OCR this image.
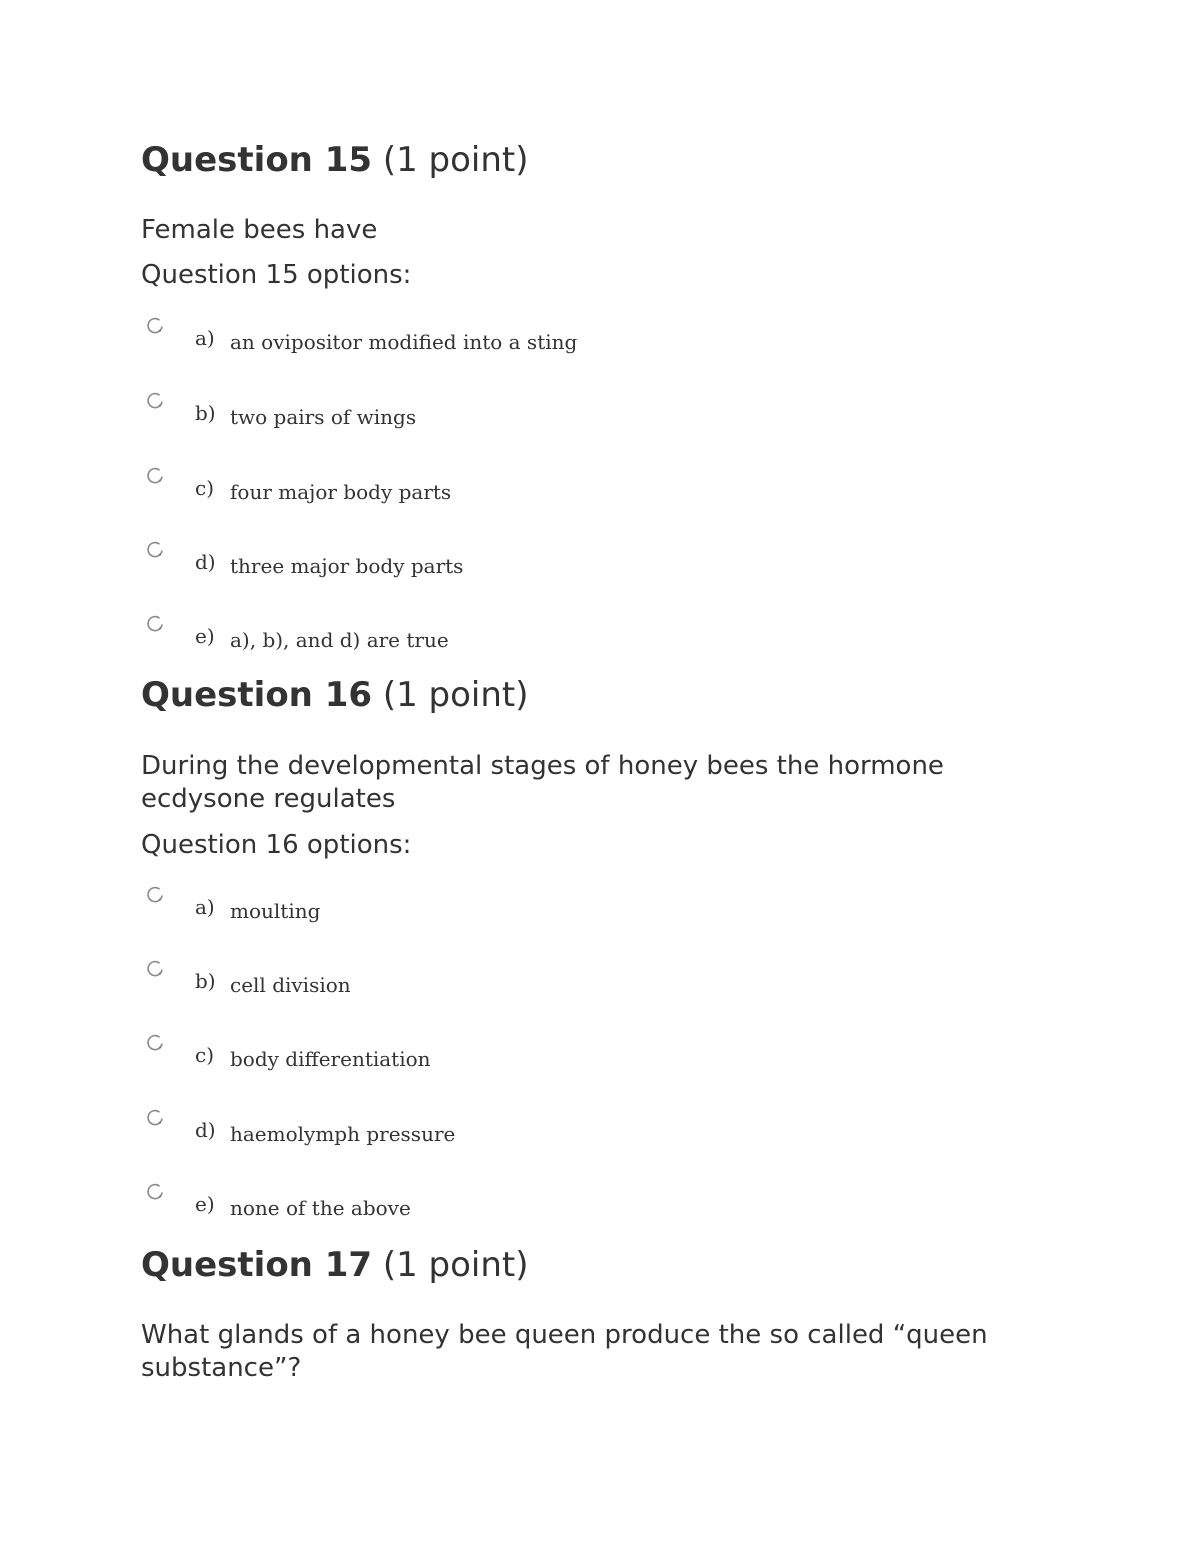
Question 15 (1 point)

Female bees have

Question 15 options:

a) an ovipositor modified into a sting
b) two pairs of wings
c) four major body parts
d) three major body parts
e) a), b), and d) are true
Question 16 (1 point)

During the developmental stages of honey bees the hormone ecdysone regulates

Question 16 options:

a) moulting
b) cell division
c) body differentiation
d) haemolymph pressure
e) none of the above
Question 17 (1 point)

What glands of a honey bee queen produce the so called “queen substance”?
